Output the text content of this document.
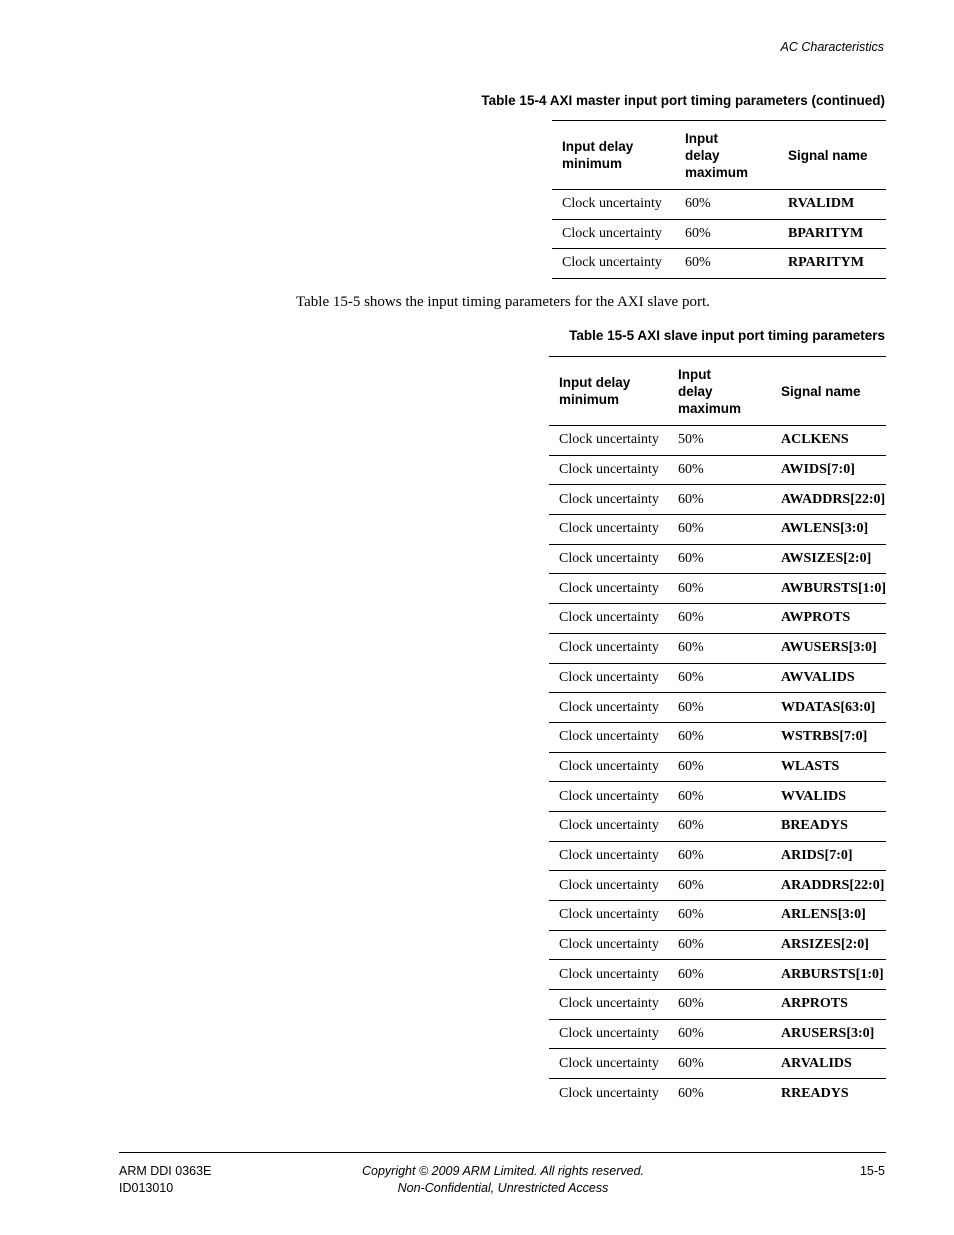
AC Characteristics
Table 15-4 AXI master input port timing parameters (continued)
Input delay minimum	Input delay maximum	Signal name
Clock uncertainty	60%	RVALIDM
Clock uncertainty	60%	BPARITYM
Clock uncertainty	60%	RPARITYM
Table 15-5 shows the input timing parameters for the AXI slave port.
Table 15-5 AXI slave input port timing parameters
Input delay minimum	Input delay maximum	Signal name
Clock uncertainty	50%	ACLKENS
Clock uncertainty	60%	AWIDS[7:0]
Clock uncertainty	60%	AWADDRS[22:0]
Clock uncertainty	60%	AWLENS[3:0]
Clock uncertainty	60%	AWSIZES[2:0]
Clock uncertainty	60%	AWBURSTS[1:0]
Clock uncertainty	60%	AWPROTS
Clock uncertainty	60%	AWUSERS[3:0]
Clock uncertainty	60%	AWVALIDS
Clock uncertainty	60%	WDATAS[63:0]
Clock uncertainty	60%	WSTRBS[7:0]
Clock uncertainty	60%	WLASTS
Clock uncertainty	60%	WVALIDS
Clock uncertainty	60%	BREADYS
Clock uncertainty	60%	ARIDS[7:0]
Clock uncertainty	60%	ARADDRS[22:0]
Clock uncertainty	60%	ARLENS[3:0]
Clock uncertainty	60%	ARSIZES[2:0]
Clock uncertainty	60%	ARBURSTS[1:0]
Clock uncertainty	60%	ARPROTS
Clock uncertainty	60%	ARUSERS[3:0]
Clock uncertainty	60%	ARVALIDS
Clock uncertainty	60%	RREADYS
ARM DDI 0363E
ID013010
Copyright © 2009 ARM Limited. All rights reserved.
Non-Confidential, Unrestricted Access
15-5
